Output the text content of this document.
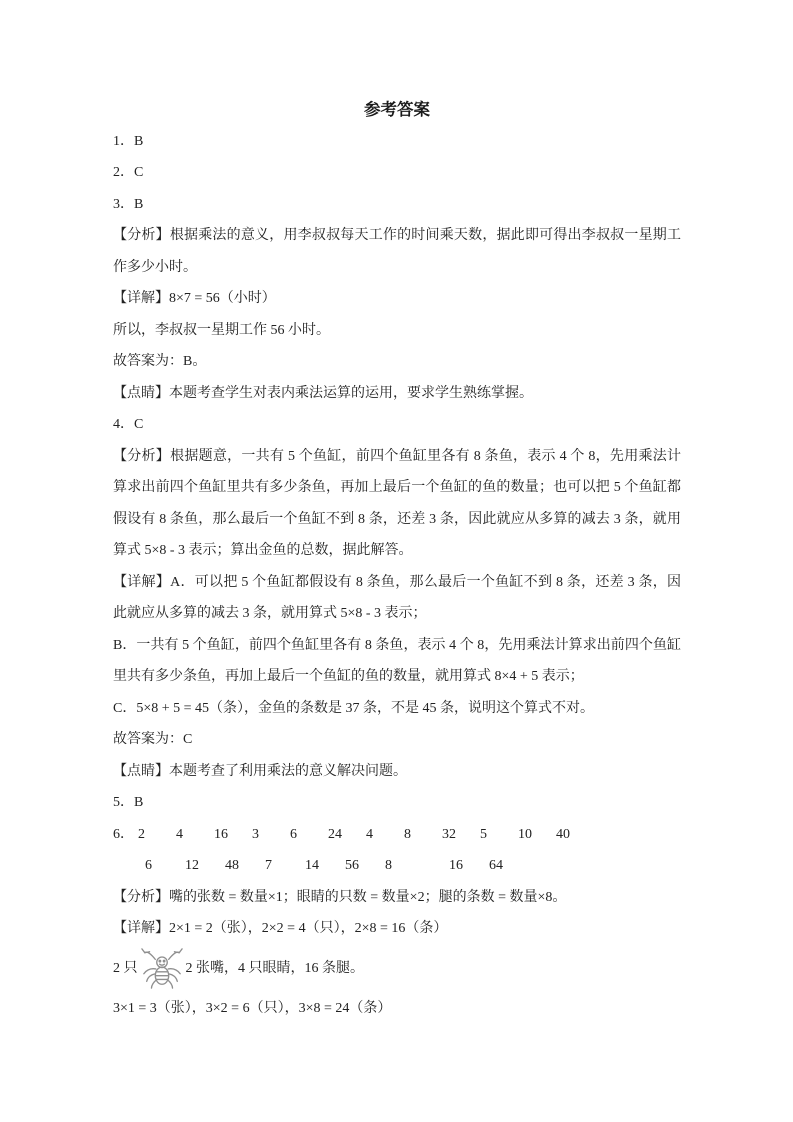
参考答案

1．B

2．C

3．B

【分析】根据乘法的意义，用李叔叔每天工作的时间乘天数，据此即可得出李叔叔一星期工作多少小时。

【详解】8×7 = 56（小时）

所以，李叔叔一星期工作 56 小时。

故答案为：B。

【点睛】本题考查学生对表内乘法运算的运用，要求学生熟练掌握。

4．C

【分析】根据题意，一共有 5 个鱼缸，前四个鱼缸里各有 8 条鱼，表示 4 个 8，先用乘法计算求出前四个鱼缸里共有多少条鱼，再加上最后一个鱼缸的鱼的数量；也可以把 5 个鱼缸都假设有 8 条鱼，那么最后一个鱼缸不到 8 条，还差 3 条，因此就应从多算的减去 3 条，就用算式 5×8 - 3 表示；算出金鱼的总数，据此解答。

【详解】A．可以把 5 个鱼缸都假设有 8 条鱼，那么最后一个鱼缸不到 8 条，还差 3 条，因此就应从多算的减去 3 条，就用算式 5×8 - 3 表示；

B．一共有 5 个鱼缸，前四个鱼缸里各有 8 条鱼，表示 4 个 8，先用乘法计算求出前四个鱼缸里共有多少条鱼，再加上最后一个鱼缸的鱼的数量，就用算式 8×4 + 5 表示；

C．5×8 + 5 = 45（条），金鱼的条数是 37 条，不是 45 条，说明这个算式不对。

故答案为：C

【点睛】本题考查了利用乘法的意义解决问题。

5．B

6． 2	4	16	3	6	24	4	8	32	5	10	40
6	12	48	7	14	56	8	16	64

【分析】嘴的张数 = 数量×1；眼睛的只数 = 数量×2；腿的条数 = 数量×8。

【详解】2×1 = 2（张），2×2 = 4（只），2×8 = 16（条）

2 只	2 张嘴，4 只眼睛，16 条腿。

3×1 = 3（张），3×2 = 6（只），3×8 = 24（条）
